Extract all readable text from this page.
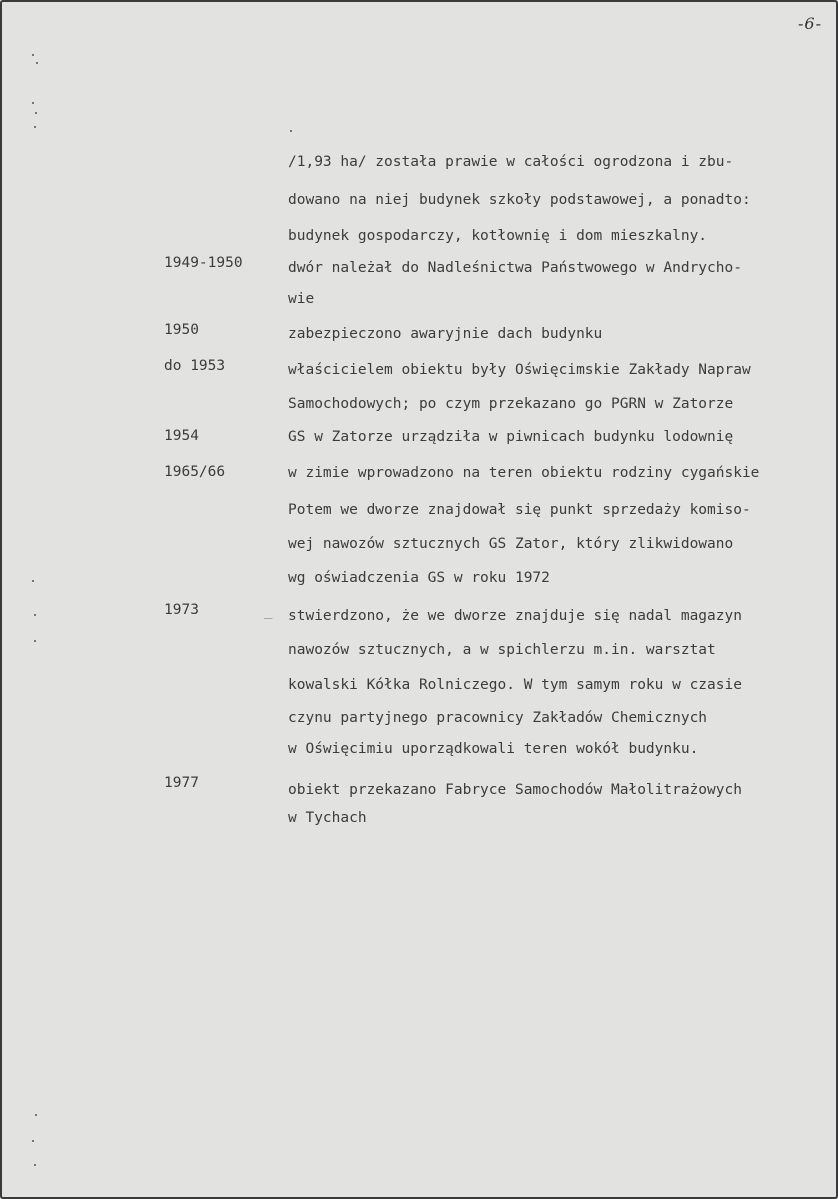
-6-
/1,93 ha/ została prawie w całości ogrodzona i zbu-
dowano na niej budynek szkoły podstawowej, a ponadto:
budynek gospodarczy, kotłownię i dom mieszkalny.
1949-1950	dwór należał do Nadleśnictwa Państwowego w Andrycho-
wie
1950	zabezpieczono awaryjnie dach budynku
do 1953	właścicielem obiektu były Oświęcimskie Zakłady Napraw
Samochodowych; po czym przekazano go PGRN w Zatorze
1954	GS w Zatorze urządziła w piwnicach budynku lodownię
1965/66	w zimie wprowadzono na teren obiektu rodziny cygańskie
Potem we dworze znajdował się punkt sprzedaży komiso-
wej nawozów sztucznych GS Zator, który zlikwidowano
wg oświadczenia GS w roku 1972
1973	_ stwierdzono, że we dworze znajduje się nadal magazyn
nawozów sztucznych, a w spichlerzu m.in. warsztat
kowalski Kółka Rolniczego. W tym samym roku w czasie
czynu partyjnego pracownicy Zakładów Chemicznych
w Oświęcimiu uporządkowali teren wokół budynku.
1977	obiekt przekazano Fabryce Samochodów Małolitrażowych
w Tychach
